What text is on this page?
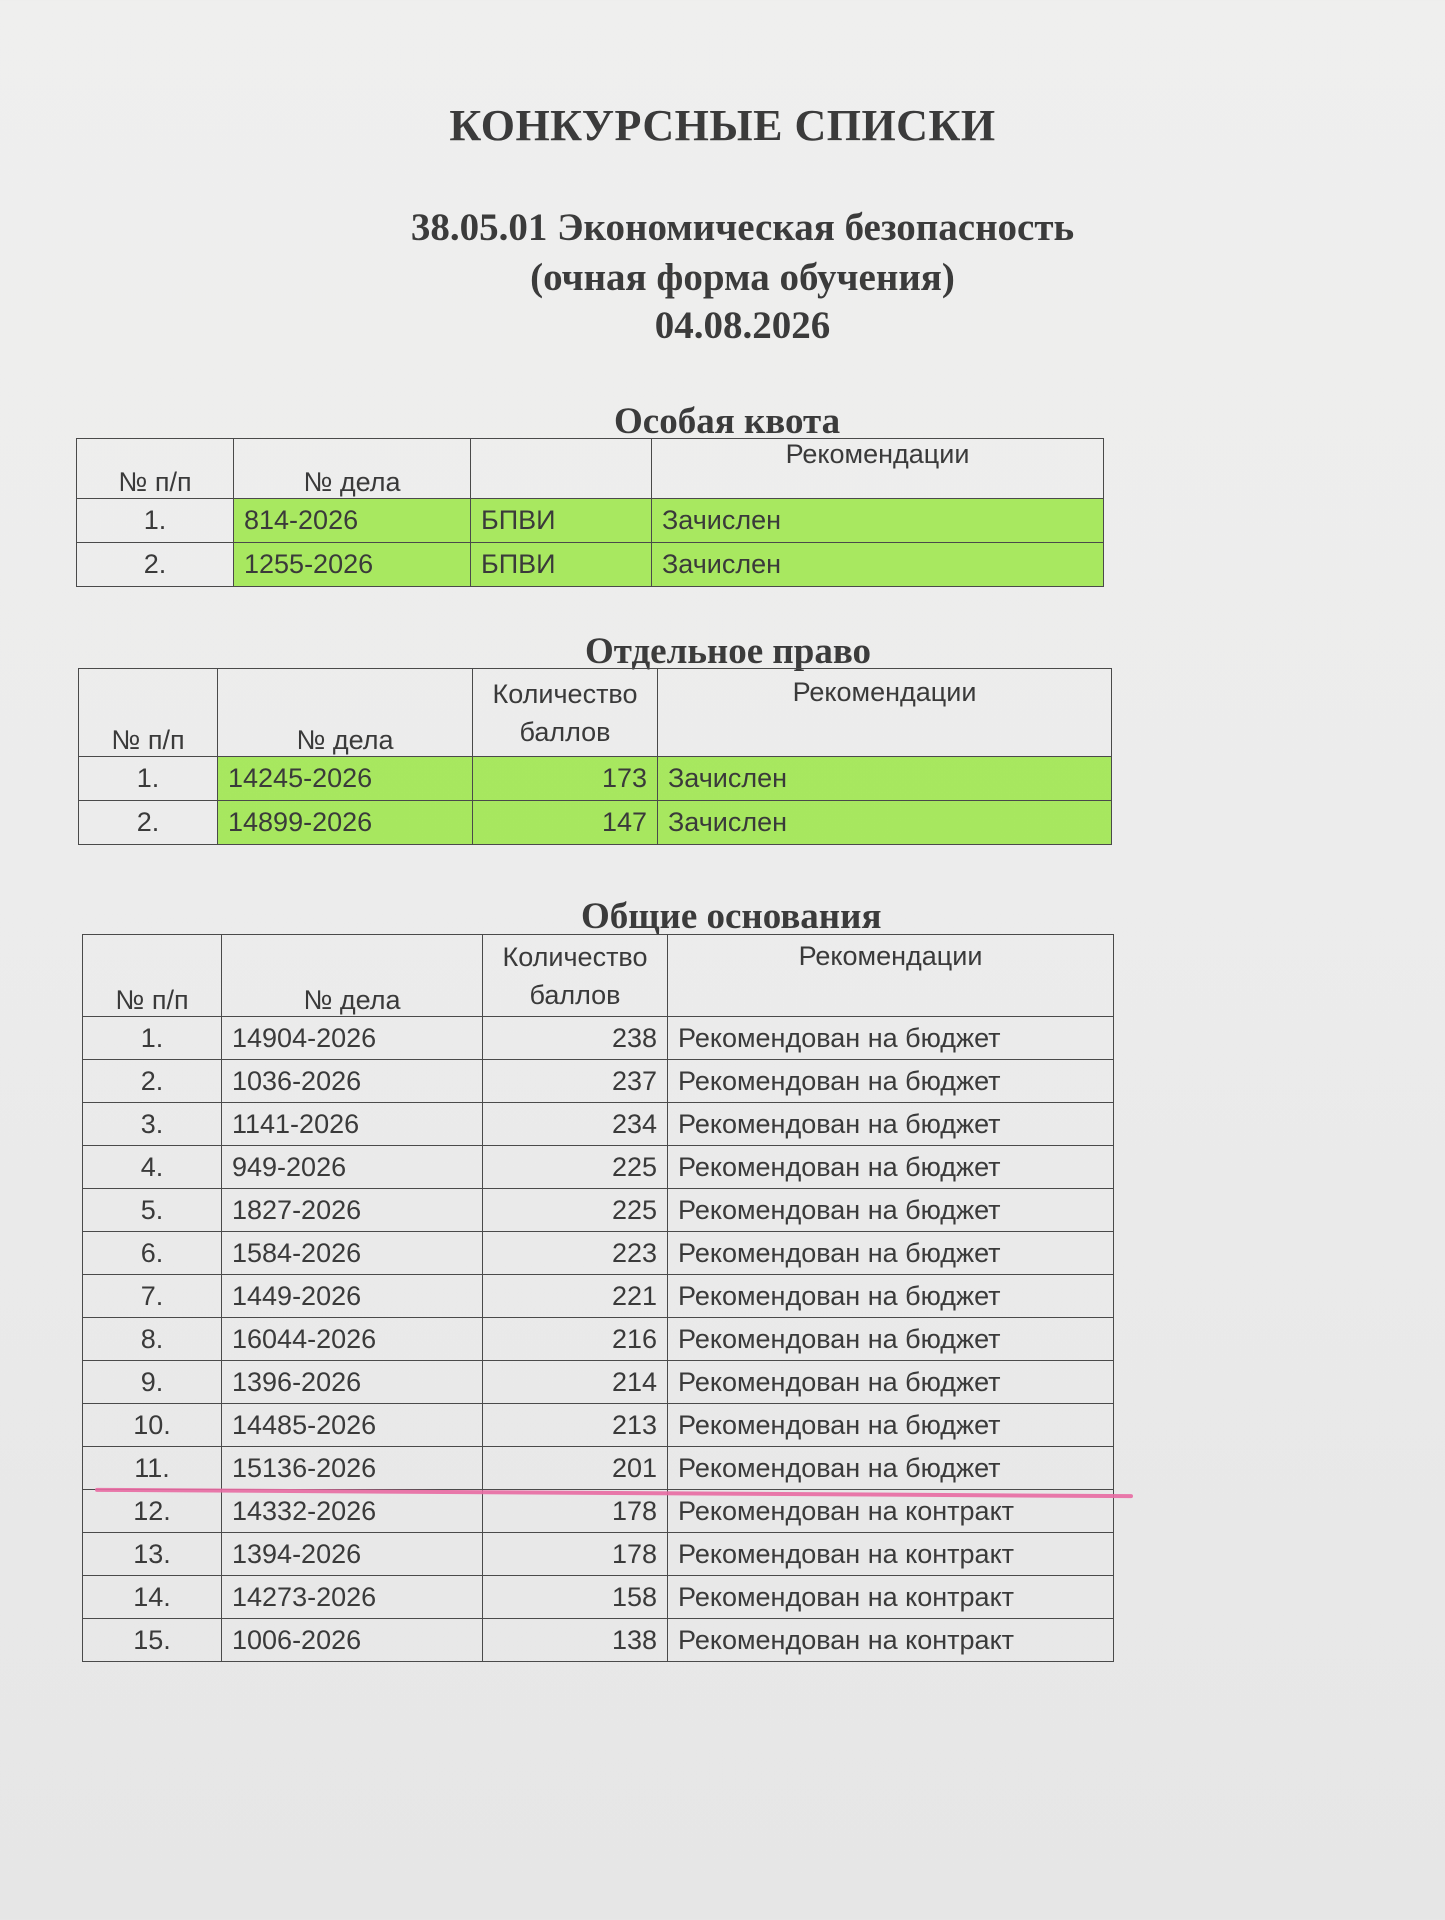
КОНКУРСНЫЕ СПИСКИ
38.05.01 Экономическая безопасность
(очная форма обучения)
04.08.2026
Особая квота
№ п/п	№ дела		Рекомендации
1.	814-2026	БПВИ	Зачислен
2.	1255-2026	БПВИ	Зачислен
Отдельное право
№ п/п	№ дела	Количество баллов	Рекомендации
1.	14245-2026	173	Зачислен
2.	14899-2026	147	Зачислен
Общие основания
№ п/п	№ дела	Количество баллов	Рекомендации
1.	14904-2026	238	Рекомендован на бюджет
2.	1036-2026	237	Рекомендован на бюджет
3.	1141-2026	234	Рекомендован на бюджет
4.	949-2026	225	Рекомендован на бюджет
5.	1827-2026	225	Рекомендован на бюджет
6.	1584-2026	223	Рекомендован на бюджет
7.	1449-2026	221	Рекомендован на бюджет
8.	16044-2026	216	Рекомендован на бюджет
9.	1396-2026	214	Рекомендован на бюджет
10.	14485-2026	213	Рекомендован на бюджет
11.	15136-2026	201	Рекомендован на бюджет
12.	14332-2026	178	Рекомендован на контракт
13.	1394-2026	178	Рекомендован на контракт
14.	14273-2026	158	Рекомендован на контракт
15.	1006-2026	138	Рекомендован на контракт
